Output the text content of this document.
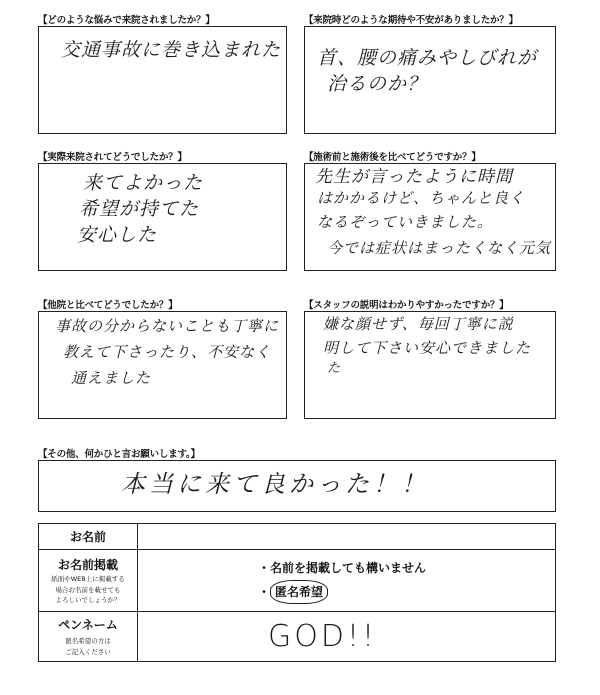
【どのような悩みで来院されましたか？】
交通事故に巻き込まれた
【来院時どのような期待や不安がありましたか？】
首、腰の痛みやしびれが
治るのか？
【実際来院されてどうでしたか？】
来てよかった
希望が持てた
安心した
【施術前と施術後を比べてどうですか？】
先生が言ったように時間
はかかるけど、ちゃんと良く
なるぞっていきました。
今では症状はまったくなく元気
【他院と比べてどうでしたか？】
事故の分からないことも丁寧に
教えて下さったり、不安なく
通えました
【スタッフの説明はわかりやすかったですか？】
嫌な顔せず、毎回丁寧に説
明して下さい安心できました
た
【その他、何かひと言お願いします。】
本当に来て良かった！！
お名前	

お名前掲載
紙面やWEB上に掲載する
場合お名前を載せても
よろしいでしょうか？	・名前を掲載しても構いません
・ 匿名希望

ペンネーム
匿名希望の方は
ご記入ください	GOD!!
